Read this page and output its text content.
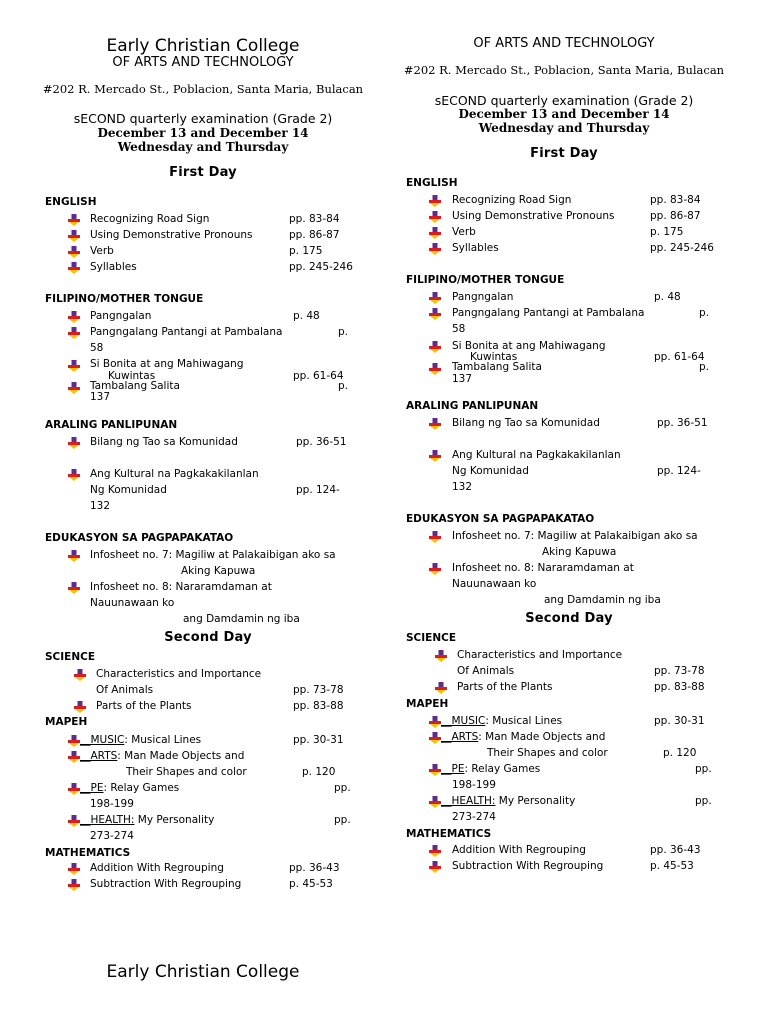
Early Christian College
OF ARTS AND TECHNOLOGY
#202 R. Mercado St., Poblacion, Santa Maria, Bulacan
sECOND quarterly examination (Grade 2)
December 13 and December 14
Wednesday and Thursday
First Day
ENGLISH
Recognizing Road Sign	pp. 83-84
Using Demonstrative Pronouns	pp. 86-87
Verb	p. 175
Syllables	pp. 245-246
FILIPINO/MOTHER TONGUE
Pangngalan	p. 48
Pangngalang Pantangi at Pambalana	p.
58
Si Bonita at ang Mahiwagang
Kuwintas	pp. 61-64
Tambalang Salita	p.
137
ARALING PANLIPUNAN
Bilang ng Tao sa Komunidad	pp. 36-51
Ang Kultural na Pagkakakilanlan
Ng Komunidad	pp. 124-
132
EDUKASYON SA PAGPAPAKATAO
Infosheet no. 7: Magiliw at Palakaibigan ako sa
Aking Kapuwa
Infosheet no. 8: Nararamdaman at
Nauunawaan ko
ang Damdamin ng iba
Second Day
SCIENCE
Characteristics and Importance
Of Animals	pp. 73-78
Parts of the Plants	pp. 83-88
MAPEH
__MUSIC: Musical Lines	pp. 30-31
__ARTS: Man Made Objects and
Their Shapes and color	p. 120
__PE: Relay Games	pp.
198-199
__HEALTH: My Personality	pp.
273-274
MATHEMATICS
Addition With Regrouping	pp. 36-43
Subtraction With Regrouping	p. 45-53
Early Christian College
OF ARTS AND TECHNOLOGY
#202 R. Mercado St., Poblacion, Santa Maria, Bulacan
sECOND quarterly examination (Grade 2)
December 13 and December 14
Wednesday and Thursday
First Day
ENGLISH
Recognizing Road Sign	pp. 83-84
Using Demonstrative Pronouns	pp. 86-87
Verb	p. 175
Syllables	pp. 245-246
FILIPINO/MOTHER TONGUE
Pangngalan	p. 48
Pangngalang Pantangi at Pambalana	p.
58
Si Bonita at ang Mahiwagang
Kuwintas	pp. 61-64
Tambalang Salita	p.
137
ARALING PANLIPUNAN
Bilang ng Tao sa Komunidad	pp. 36-51
Ang Kultural na Pagkakakilanlan
Ng Komunidad	pp. 124-
132
EDUKASYON SA PAGPAPAKATAO
Infosheet no. 7: Magiliw at Palakaibigan ako sa
Aking Kapuwa
Infosheet no. 8: Nararamdaman at
Nauunawaan ko
ang Damdamin ng iba
Second Day
SCIENCE
Characteristics and Importance
Of Animals	pp. 73-78
Parts of the Plants	pp. 83-88
MAPEH
__MUSIC: Musical Lines	pp. 30-31
__ARTS: Man Made Objects and
Their Shapes and color	p. 120
__PE: Relay Games	pp.
198-199
__HEALTH: My Personality	pp.
273-274
MATHEMATICS
Addition With Regrouping	pp. 36-43
Subtraction With Regrouping	p. 45-53
